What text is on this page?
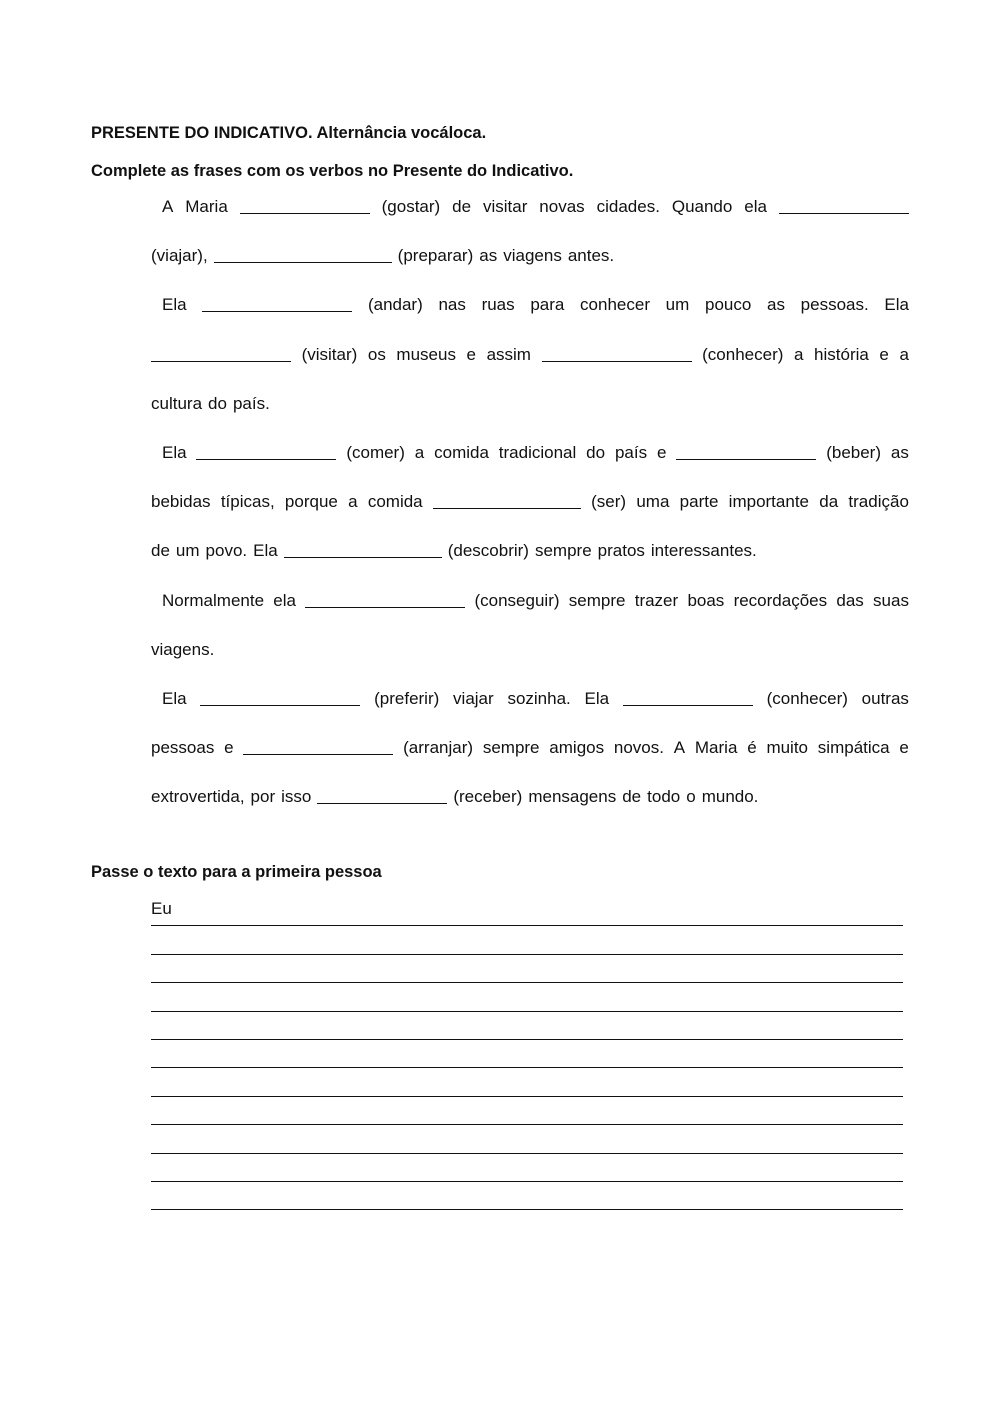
PRESENTE DO INDICATIVO. Alternância vocáloca.
Complete as frases com os verbos no Presente do Indicativo.
A Maria	(gostar) de visitar novas cidades. Quando ela
(viajar),	(preparar) as viagens antes.
Ela	(andar) nas ruas para conhecer um pouco as pessoas. Ela
(visitar) os museus e assim	(conhecer) a história e a
cultura do país.
Ela	(comer) a comida tradicional do país e	(beber) as
bebidas típicas, porque a comida	(ser) uma parte importante da tradição
de um povo. Ela	(descobrir) sempre pratos interessantes.
Normalmente ela	(conseguir) sempre trazer boas recordações das suas
viagens.
Ela	(preferir) viajar sozinha. Ela	(conhecer) outras
pessoas e	(arranjar) sempre amigos novos. A Maria é muito simpática e
extrovertida, por isso	(receber) mensagens de todo o mundo.
Passe o texto para a primeira pessoa
Eu
